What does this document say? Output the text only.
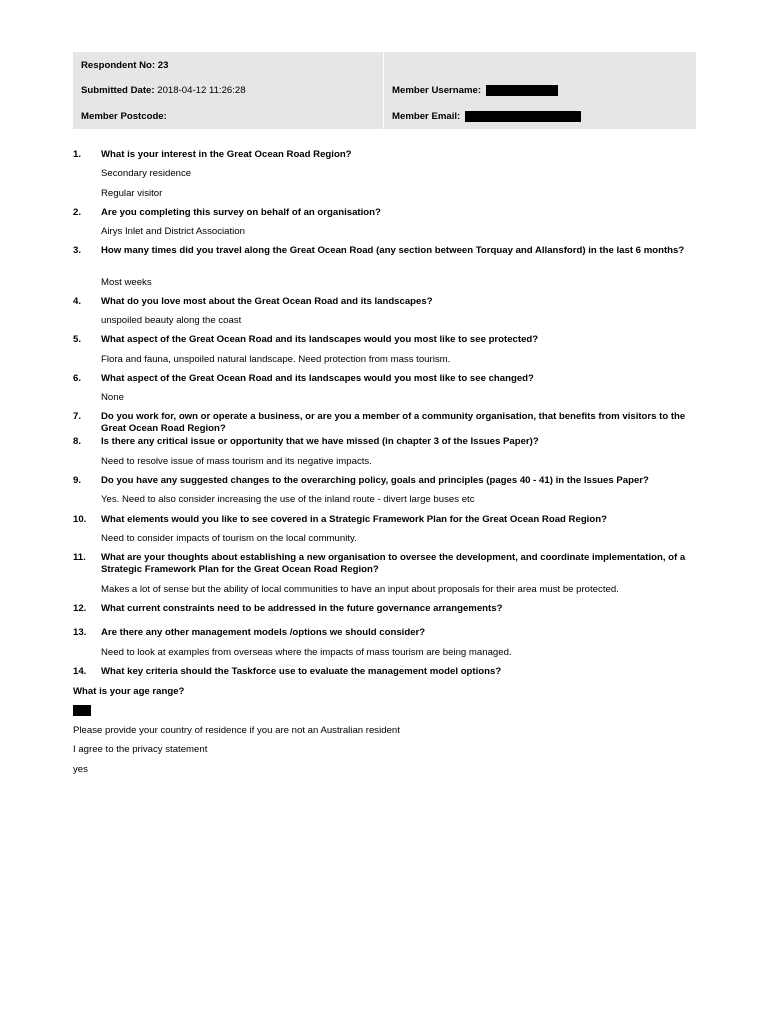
Respondent No: 23
Submitted Date: 2018-04-12 11:26:28	Member Username:
Member Postcode:	Member Email:
1.	What is your interest in the Great Ocean Road Region?
Secondary residence
Regular visitor
2.	Are you completing this survey on behalf of an organisation?
Airys Inlet and District Association
3.	How many times did you travel along the Great Ocean Road (any section between Torquay and Allansford) in the last 6 months?
Most weeks
4.	What do you love most about the Great Ocean Road and its landscapes?
unspoiled beauty along the coast
5.	What aspect of the Great Ocean Road and its landscapes would you most like to see protected?
Flora and fauna, unspoiled natural landscape. Need protection from mass tourism.
6.	What aspect of the Great Ocean Road and its landscapes would you most like to see changed?
None
7.	Do you work for, own or operate a business, or are you a member of a community organisation, that benefits from visitors to the Great Ocean Road Region?
8.	Is there any critical issue or opportunity that we have missed (in chapter 3 of the Issues Paper)?
Need to resolve issue of mass tourism and its negative impacts.
9.	Do you have any suggested changes to the overarching policy, goals and principles (pages 40 - 41) in the Issues Paper?
Yes. Need to also consider increasing the use of the inland route - divert large buses etc
10.	What elements would you like to see covered in a Strategic Framework Plan for the Great Ocean Road Region?
Need to consider impacts of tourism on the local community.
11.	What are your thoughts about establishing a new organisation to oversee the development, and coordinate implementation, of a Strategic Framework Plan for the Great Ocean Road Region?
Makes a lot of sense but the ability of local communities to have an input about proposals for their area must be protected.
12.	What current constraints need to be addressed in the future governance arrangements?
13.	Are there any other management models /options we should consider?
Need to look at examples from overseas where the impacts of mass tourism are being managed.
14.	What key criteria should the Taskforce use to evaluate the management model options?
What is your age range?
Please provide your country of residence if you are not an Australian resident
I agree to the privacy statement
yes
